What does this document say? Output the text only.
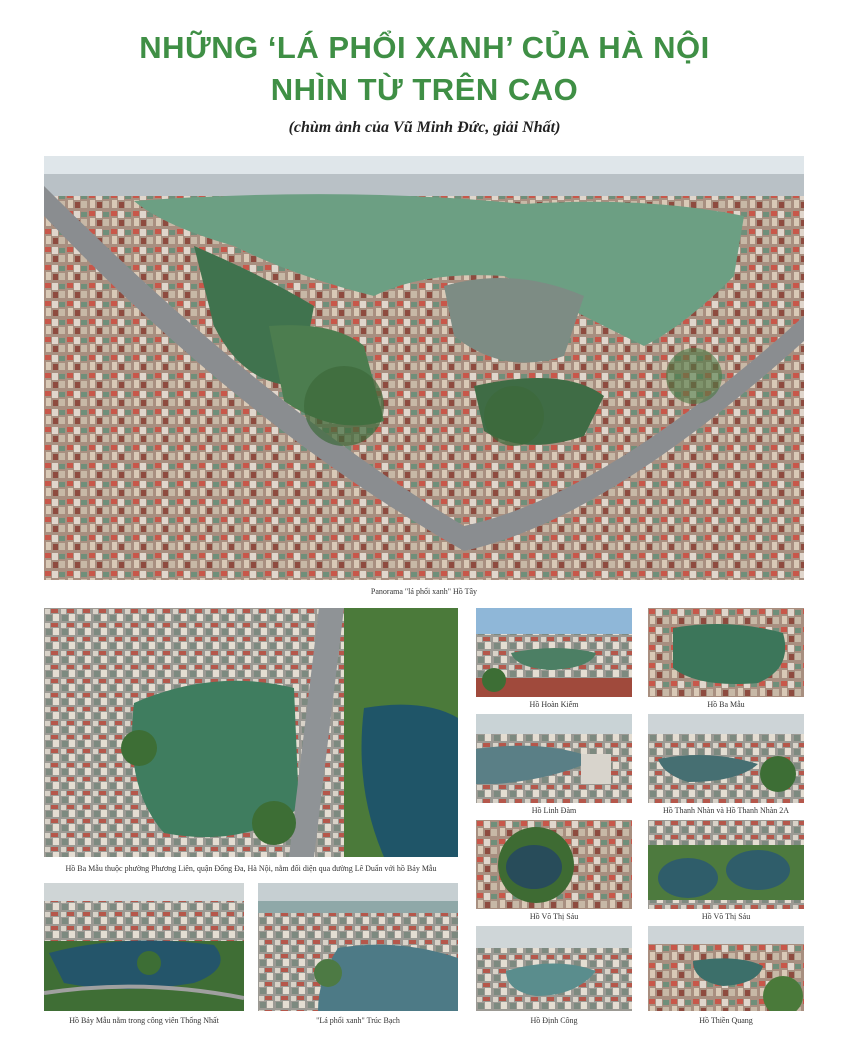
NHỮNG ‘LÁ PHỔI XANH’ CỦA HÀ NỘI
NHÌN TỪ TRÊN CAO
(chùm ảnh của Vũ Minh Đức, giải Nhất)
Panorama "lá phổi xanh" Hồ Tây
Hồ Ba Mẫu thuộc phường Phương Liên, quận Đống Đa, Hà Nội, nằm đối diện qua đường Lê Duẩn với hồ Bảy Mẫu
Hồ Bảy Mẫu nằm trong công viên Thống Nhất	"Lá phổi xanh" Trúc Bạch
Hồ Hoàn Kiếm	Hồ Ba Mẫu
Hồ Linh Đàm	Hồ Thanh Nhàn và Hồ Thanh Nhàn 2A
Hồ Võ Thị Sáu	Hồ Võ Thị Sáu
Hồ Định Công	Hồ Thiền Quang
